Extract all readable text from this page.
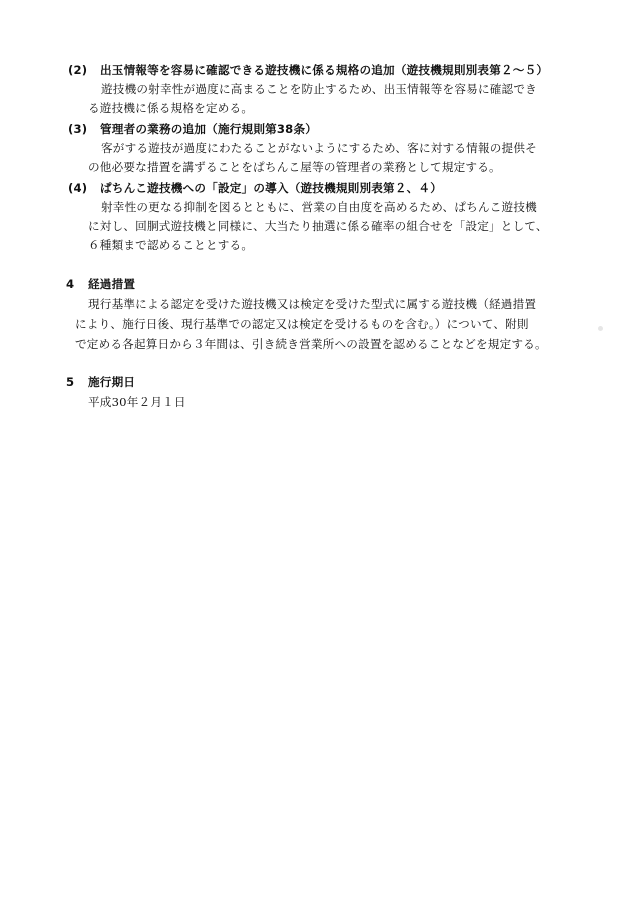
(2) 出玉情報等を容易に確認できる遊技機に係る規格の追加（遊技機規則別表第２～５）
遊技機の射幸性が過度に高まることを防止するため、出玉情報等を容易に確認でき
る遊技機に係る規格を定める。
(3) 管理者の業務の追加（施行規則第38条）
客がする遊技が過度にわたることがないようにするため、客に対する情報の提供そ
の他必要な措置を講ずることをぱちんこ屋等の管理者の業務として規定する。
(4) ぱちんこ遊技機への「設定」の導入（遊技機規則別表第２、４）
射幸性の更なる抑制を図るとともに、営業の自由度を高めるため、ぱちんこ遊技機
に対し、回胴式遊技機と同様に、大当たり抽選に係る確率の組合せを「設定」として、
６種類まで認めることとする。
4 経過措置
現行基準による認定を受けた遊技機又は検定を受けた型式に属する遊技機（経過措置
により、施行日後、現行基準での認定又は検定を受けるものを含む。）について、附則
で定める各起算日から３年間は、引き続き営業所への設置を認めることなどを規定する。
5 施行期日
平成30年２月１日
